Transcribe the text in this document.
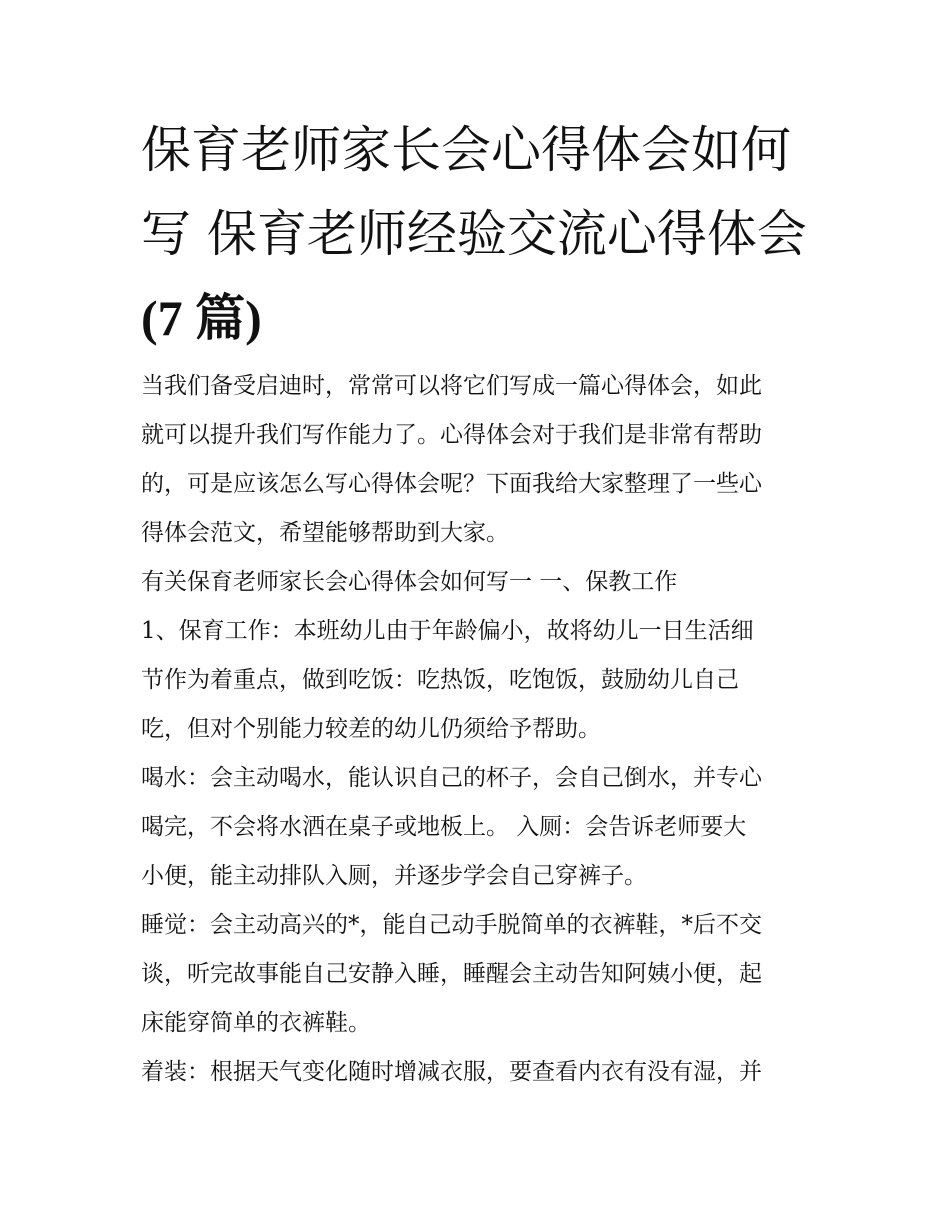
保育老师家长会心得体会如何
写 保育老师经验交流心得体会
(7 篇)

当我们备受启迪时，常常可以将它们写成一篇心得体会，如此
就可以提升我们写作能力了。心得体会对于我们是非常有帮助
的，可是应该怎么写心得体会呢？下面我给大家整理了一些心
得体会范文，希望能够帮助到大家。

有关保育老师家长会心得体会如何写一 一、保教工作

1、保育工作：本班幼儿由于年龄偏小，故将幼儿一日生活细
节作为着重点，做到吃饭：吃热饭，吃饱饭，鼓励幼儿自己
吃，但对个别能力较差的幼儿仍须给予帮助。

喝水：会主动喝水，能认识自己的杯子，会自己倒水，并专心
喝完，不会将水洒在桌子或地板上。 入厕：会告诉老师要大
小便，能主动排队入厕，并逐步学会自己穿裤子。

睡觉：会主动高兴的*，能自己动手脱简单的衣裤鞋，*后不交
谈，听完故事能自己安静入睡，睡醒会主动告知阿姨小便，起
床能穿简单的衣裤鞋。

着装：根据天气变化随时增减衣服，要查看内衣有没有湿，并
